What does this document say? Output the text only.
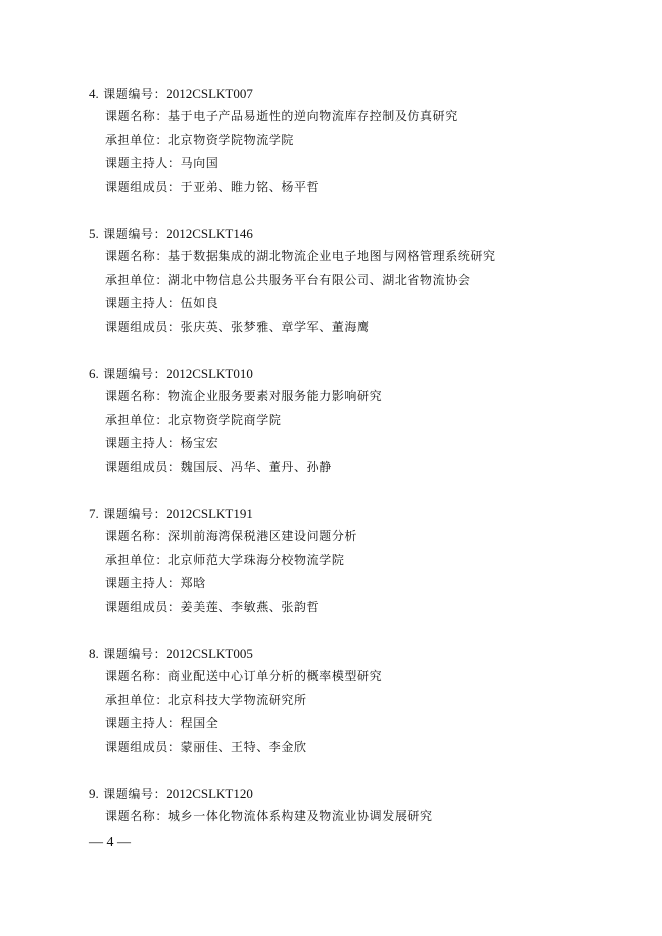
4. 课题编号：2012CSLKT007
课题名称：基于电子产品易逝性的逆向物流库存控制及仿真研究
承担单位：北京物资学院物流学院
课题主持人：马向国
课题组成员：于亚弟、睢力铭、杨平哲
5. 课题编号：2012CSLKT146
课题名称：基于数据集成的湖北物流企业电子地图与网格管理系统研究
承担单位：湖北中物信息公共服务平台有限公司、湖北省物流协会
课题主持人：伍如良
课题组成员：张庆英、张梦雅、章学军、董海鹰
6. 课题编号：2012CSLKT010
课题名称：物流企业服务要素对服务能力影响研究
承担单位：北京物资学院商学院
课题主持人：杨宝宏
课题组成员：魏国辰、冯华、董丹、孙静
7. 课题编号：2012CSLKT191
课题名称：深圳前海湾保税港区建设问题分析
承担单位：北京师范大学珠海分校物流学院
课题主持人：郑晗
课题组成员：姜美莲、李敏燕、张韵哲
8. 课题编号：2012CSLKT005
课题名称：商业配送中心订单分析的概率模型研究
承担单位：北京科技大学物流研究所
课题主持人：程国全
课题组成员：蒙丽佳、王特、李金欣
9. 课题编号：2012CSLKT120
课题名称：城乡一体化物流体系构建及物流业协调发展研究
— 4 —
